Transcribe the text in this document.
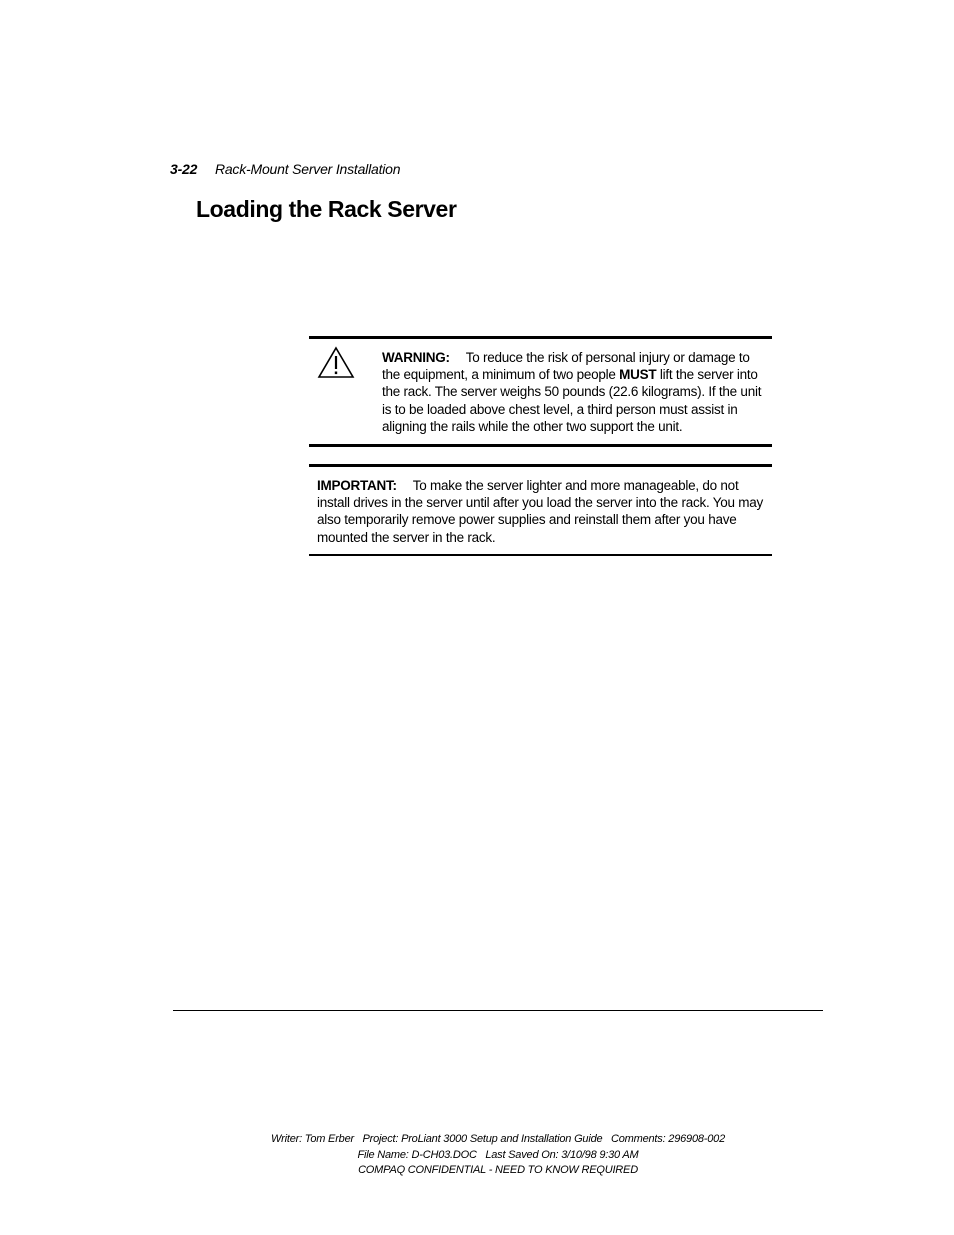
3-22 Rack-Mount Server Installation
Loading the Rack Server
WARNING: To reduce the risk of personal injury or damage to the equipment, a minimum of two people MUST lift the server into the rack. The server weighs 50 pounds (22.6 kilograms). If the unit is to be loaded above chest level, a third person must assist in aligning the rails while the other two support the unit.
IMPORTANT: To make the server lighter and more manageable, do not install drives in the server until after you load the server into the rack. You may also temporarily remove power supplies and reinstall them after you have mounted the server in the rack.
Writer: Tom Erber   Project: ProLiant 3000 Setup and Installation Guide   Comments: 296908-002
File Name: D-CH03.DOC   Last Saved On: 3/10/98 9:30 AM
COMPAQ CONFIDENTIAL - NEED TO KNOW REQUIRED
